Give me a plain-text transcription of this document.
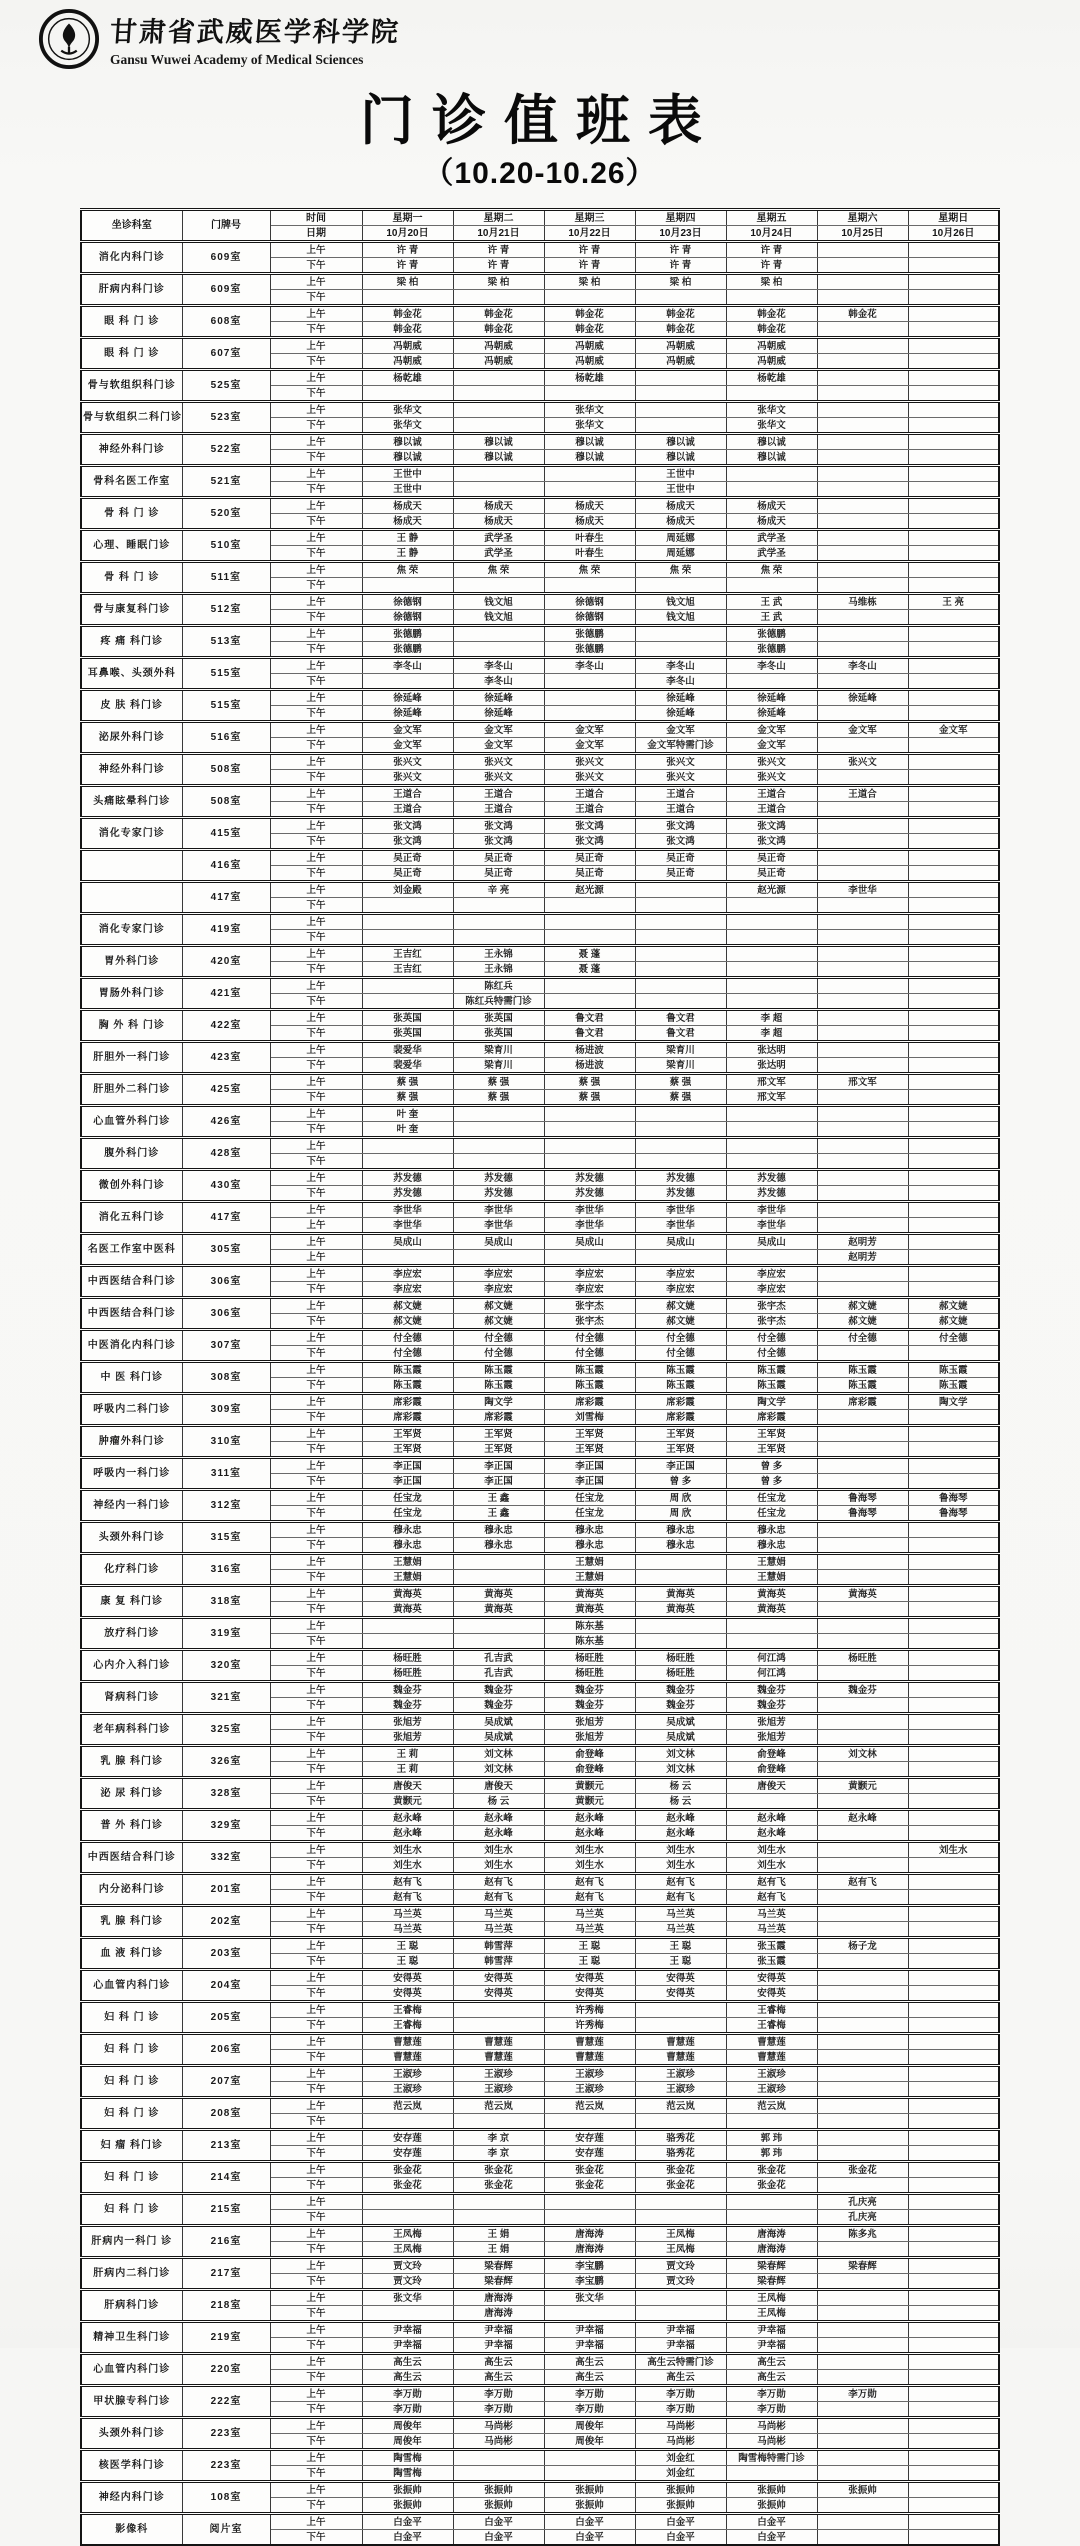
甘肃省武威医学科学院
Gansu Wuwei Academy of Medical Sciences
门诊值班表
（10.20-10.26）
坐诊科室	门牌号	时间	星期一	星期二	星期三	星期四	星期五	星期六	星期日
		日期	10月20日	10月21日	10月22日	10月23日	10月24日	10月25日	10月26日
消化内科门诊	609室	上午	许 青	许 青	许 青	许 青	许 青		
		下午	许 青	许 青	许 青	许 青	许 青		
肝病内科门诊	609室	上午	梁 柏	梁 柏	梁 柏	梁 柏	梁 柏		
		下午							
眼 科 门 诊	608室	上午	韩金花	韩金花	韩金花	韩金花	韩金花	韩金花	
		下午	韩金花	韩金花	韩金花	韩金花	韩金花		
眼 科 门 诊	607室	上午	冯朝威	冯朝威	冯朝威	冯朝威	冯朝威		
		下午	冯朝威	冯朝威	冯朝威	冯朝威	冯朝威		
骨与软组织科门诊	525室	上午	杨乾雄		杨乾雄		杨乾雄		
		下午							
骨与软组织二科门诊	523室	上午	张华文		张华文		张华文		
		下午	张华文		张华文		张华文		
神经外科门诊	522室	上午	穆以诚	穆以诚	穆以诚	穆以诚	穆以诚		
		下午	穆以诚	穆以诚	穆以诚	穆以诚	穆以诚		
骨科名医工作室	521室	上午	王世中			王世中			
		下午	王世中			王世中			
骨 科 门 诊	520室	上午	杨成天	杨成天	杨成天	杨成天	杨成天		
		下午	杨成天	杨成天	杨成天	杨成天	杨成天		
心理、睡眠门诊	510室	上午	王 静	武学圣	叶春生	周延娜	武学圣		
		下午	王 静	武学圣	叶春生	周延娜	武学圣		
骨 科 门 诊	511室	上午	焦 荣	焦 荣	焦 荣	焦 荣	焦 荣		
		下午							
骨与康复科门诊	512室	上午	徐德钢	钱文旭	徐德钢	钱文旭	王 武	马维栋	王 亮
		下午	徐德钢	钱文旭	徐德钢	钱文旭	王 武		
疼 痛 科门诊	513室	上午	张德鹏		张德鹏		张德鹏		
		下午	张德鹏		张德鹏		张德鹏		
耳鼻喉、头颈外科	515室	上午	李冬山	李冬山	李冬山	李冬山	李冬山	李冬山	
		下午		李冬山		李冬山			
皮 肤 科门诊	515室	上午	徐延峰	徐延峰		徐延峰	徐延峰	徐延峰	
		下午	徐延峰	徐延峰		徐延峰	徐延峰		
泌尿外科门诊	516室	上午	金文军	金文军	金文军	金文军	金文军	金文军	金文军
		下午	金文军	金文军	金文军	金文军特需门诊	金文军		
神经外科门诊	508室	上午	张兴文	张兴文	张兴文	张兴文	张兴文	张兴文	
		下午	张兴文	张兴文	张兴文	张兴文	张兴文		
头痛眩晕科门诊	508室	上午	王道合	王道合	王道合	王道合	王道合	王道合	
		下午	王道合	王道合	王道合	王道合	王道合		
消化专家门诊	415室	上午	张文鸿	张文鸿	张文鸿	张文鸿	张文鸿		
		下午	张文鸿	张文鸿	张文鸿	张文鸿	张文鸿		
	416室	上午	吴正奇	吴正奇	吴正奇	吴正奇	吴正奇		
		下午	吴正奇	吴正奇	吴正奇	吴正奇	吴正奇		
	417室	上午	刘金殿	辛 亮	赵光源		赵光源	李世华	
		下午							
消化专家门诊	419室	上午							
		下午							
胃外科门诊	420室	上午	王吉红	王永锦	聂 蓬				
		下午	王吉红	王永锦	聂 蓬				
胃肠外科门诊	421室	上午		陈红兵					
		下午		陈红兵特需门诊					
胸 外 科 门诊	422室	上午	张英国	张英国	鲁文君	鲁文君	李 超		
		下午	张英国	张英国	鲁文君	鲁文君	李 超		
肝胆外一科门诊	423室	上午	裴爱华	梁育川	杨进波	梁育川	张达明		
		下午	裴爱华	梁育川	杨进波	梁育川	张达明		
肝胆外二科门诊	425室	上午	蔡 强	蔡 强	蔡 强	蔡 强	邢文军	邢文军	
		下午	蔡 强	蔡 强	蔡 强	蔡 强	邢文军		
心血管外科门诊	426室	上午	叶 奎						
		下午	叶 奎						
腹外科门诊	428室	上午							
		下午							
微创外科门诊	430室	上午	苏发德	苏发德	苏发德	苏发德	苏发德		
		下午	苏发德	苏发德	苏发德	苏发德	苏发德		
消化五科门诊	417室	上午	李世华	李世华	李世华	李世华	李世华		
		上午	李世华	李世华	李世华	李世华	李世华		
名医工作室中医科	305室	上午	吴成山	吴成山	吴成山	吴成山	吴成山	赵明芳	
		上午						赵明芳	
中西医结合科门诊	306室	上午	李应宏	李应宏	李应宏	李应宏	李应宏		
		下午	李应宏	李应宏	李应宏	李应宏	李应宏		
中西医结合科门诊	306室	上午	郝文婕	郝文婕	张宇杰	郝文婕	张宇杰	郝文婕	郝文婕
		下午	郝文婕	郝文婕	张宇杰	郝文婕	张宇杰	郝文婕	郝文婕
中医消化内科门诊	307室	上午	付全德	付全德	付全德	付全德	付全德	付全德	付全德
		下午	付全德	付全德	付全德	付全德	付全德		
中 医 科门诊	308室	上午	陈玉霞	陈玉霞	陈玉霞	陈玉霞	陈玉霞	陈玉霞	陈玉霞
		下午	陈玉霞	陈玉霞	陈玉霞	陈玉霞	陈玉霞	陈玉霞	陈玉霞
呼吸内二科门诊	309室	上午	席彩霞	陶文学	席彩霞	席彩霞	陶文学	席彩霞	陶文学
		下午	席彩霞	席彩霞	刘雪梅	席彩霞	席彩霞		
肿瘤外科门诊	310室	上午	王军贤	王军贤	王军贤	王军贤	王军贤		
		下午	王军贤	王军贤	王军贤	王军贤	王军贤		
呼吸内一科门诊	311室	上午	李正国	李正国	李正国	李正国	曾 多		
		下午	李正国	李正国	李正国	曾 多	曾 多		
神经内一科门诊	312室	上午	任宝龙	王 鑫	任宝龙	周 欣	任宝龙	鲁海琴	鲁海琴
		下午	任宝龙	王 鑫	任宝龙	周 欣	任宝龙	鲁海琴	鲁海琴
头颈外科门诊	315室	上午	穆永忠	穆永忠	穆永忠	穆永忠	穆永忠		
		下午	穆永忠	穆永忠	穆永忠	穆永忠	穆永忠		
化疗科门诊	316室	上午	王慧娟		王慧娟		王慧娟		
		下午	王慧娟		王慧娟		王慧娟		
康 复 科门诊	318室	上午	黄海英	黄海英	黄海英	黄海英	黄海英	黄海英	
		下午	黄海英	黄海英	黄海英	黄海英	黄海英		
放疗科门诊	319室	上午			陈东基				
		下午			陈东基				
心内介入科门诊	320室	上午	杨旺胜	孔吉武	杨旺胜	杨旺胜	何江鸿	杨旺胜	
		下午	杨旺胜	孔吉武	杨旺胜	杨旺胜	何江鸿		
肾病科门诊	321室	上午	魏金芬	魏金芬	魏金芬	魏金芬	魏金芬	魏金芬	
		下午	魏金芬	魏金芬	魏金芬	魏金芬	魏金芬		
老年病科科门诊	325室	上午	张旭芳	吴成斌	张旭芳	吴成斌	张旭芳		
		下午	张旭芳	吴成斌	张旭芳	吴成斌	张旭芳		
乳 腺 科门诊	326室	上午	王 莉	刘文林	俞登峰	刘文林	俞登峰	刘文林	
		下午	王 莉	刘文林	俞登峰	刘文林	俞登峰		
泌 尿 科门诊	328室	上午	唐俊天	唐俊天	黄颢元	杨 云	唐俊天	黄颢元	
		下午	黄颢元	杨 云	黄颢元	杨 云			
普 外 科门诊	329室	上午	赵永峰	赵永峰	赵永峰	赵永峰	赵永峰	赵永峰	
		下午	赵永峰	赵永峰	赵永峰	赵永峰	赵永峰		
中西医结合科门诊	332室	上午	刘生水	刘生水	刘生水	刘生水	刘生水		刘生水
		下午	刘生水	刘生水	刘生水	刘生水	刘生水		
内分泌科门诊	201室	上午	赵有飞	赵有飞	赵有飞	赵有飞	赵有飞	赵有飞	
		下午	赵有飞	赵有飞	赵有飞	赵有飞	赵有飞		
乳 腺 科门诊	202室	上午	马兰英	马兰英	马兰英	马兰英	马兰英		
		下午	马兰英	马兰英	马兰英	马兰英	马兰英		
血 液 科门诊	203室	上午	王 聪	韩雪萍	王 聪	王 聪	张玉霞	杨子龙	
		下午	王 聪	韩雪萍	王 聪	王 聪	张玉霞		
心血管内科门诊	204室	上午	安得英	安得英	安得英	安得英	安得英		
		下午	安得英	安得英	安得英	安得英	安得英		
妇 科 门 诊	205室	上午	王睿梅		许秀梅		王睿梅		
		下午	王睿梅		许秀梅		王睿梅		
妇 科 门 诊	206室	上午	曹慧莲	曹慧莲	曹慧莲	曹慧莲	曹慧莲		
		下午	曹慧莲	曹慧莲	曹慧莲	曹慧莲	曹慧莲		
妇 科 门 诊	207室	上午	王淑珍	王淑珍	王淑珍	王淑珍	王淑珍		
		下午	王淑珍	王淑珍	王淑珍	王淑珍	王淑珍		
妇 科 门 诊	208室	上午	范云岚	范云岚	范云岚	范云岚	范云岚		
		下午							
妇 瘤 科门诊	213室	上午	安存莲	李 京	安存莲	骆秀花	郭 玮		
		下午	安存莲	李 京	安存莲	骆秀花	郭 玮		
妇 科 门 诊	214室	上午	张金花	张金花	张金花	张金花	张金花	张金花	
		下午	张金花	张金花	张金花	张金花	张金花		
妇 科 门 诊	215室	上午						孔庆亮	
		下午						孔庆亮	
肝病内一科门 诊	216室	上午	王凤梅	王 娟	唐海涛	王凤梅	唐海涛	陈多兆	
		下午	王凤梅	王 娟	唐海涛	王凤梅	唐海涛		
肝病内二科门诊	217室	上午	贾文玲	梁春辉	李宝鹏	贾文玲	梁春辉	梁春辉	
		下午	贾文玲	梁春辉	李宝鹏	贾文玲	梁春辉		
肝病科门诊	218室	上午	张文华	唐海涛	张文华		王凤梅		
		下午		唐海涛			王凤梅		
精神卫生科门诊	219室	上午	尹幸福	尹幸福	尹幸福	尹幸福	尹幸福		
		下午	尹幸福	尹幸福	尹幸福	尹幸福	尹幸福		
心血管内科门诊	220室	上午	高生云	高生云	高生云	高生云特需门诊	高生云		
		下午	高生云	高生云	高生云	高生云	高生云		
甲状腺专科门诊	222室	上午	李万勋	李万勋	李万勋	李万勋	李万勋	李万勋	
		下午	李万勋	李万勋	李万勋	李万勋	李万勋		
头颈外科门诊	223室	上午	周俊年	马尚彬	周俊年	马尚彬	马尚彬		
		下午	周俊年	马尚彬	周俊年	马尚彬	马尚彬		
核医学科门诊	223室	上午	陶雪梅			刘金红	陶雪梅特需门诊		
		下午	陶雪梅			刘金红			
神经内科门诊	108室	上午	张振帅	张振帅	张振帅	张振帅	张振帅	张振帅	
		下午	张振帅	张振帅	张振帅	张振帅	张振帅		
影像科	阅片室	上午	白金平	白金平	白金平	白金平	白金平		
		下午	白金平	白金平	白金平	白金平	白金平		
